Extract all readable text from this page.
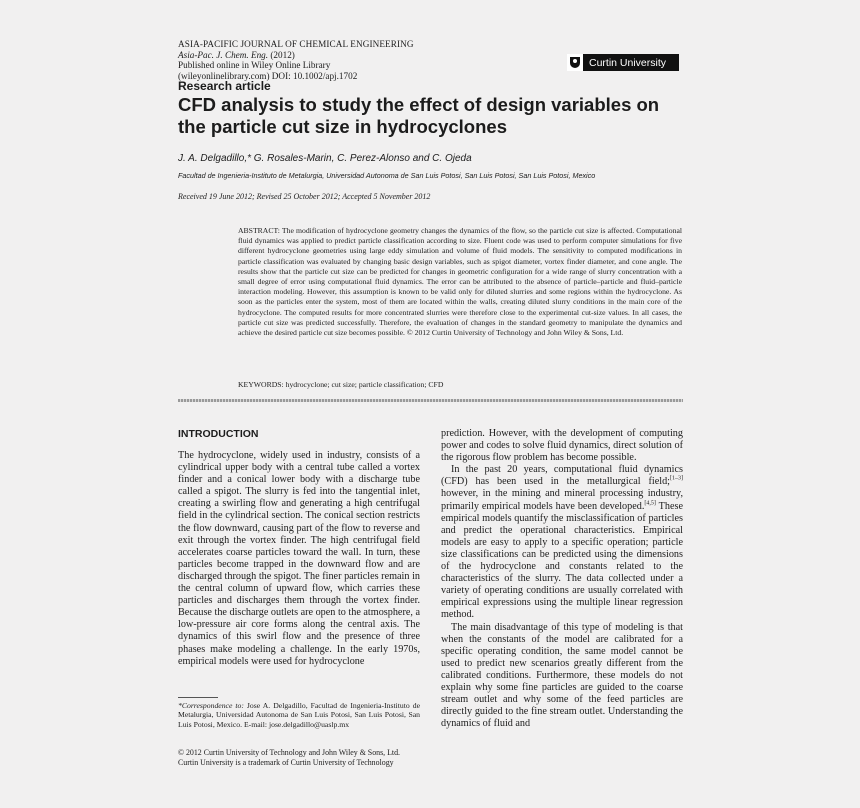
ASIA-PACIFIC JOURNAL OF CHEMICAL ENGINEERING
Asia-Pac. J. Chem. Eng. (2012)
Published online in Wiley Online Library
(wileyonlinelibrary.com) DOI: 10.1002/apj.1702
Curtin University
Research article
CFD analysis to study the effect of design variables on the particle cut size in hydrocyclones
J. A. Delgadillo,* G. Rosales-Marin, C. Perez-Alonso and C. Ojeda
Facultad de Ingenieria-Instituto de Metalurgia, Universidad Autonoma de San Luis Potosi, San Luis Potosi, San Luis Potosi, Mexico
Received 19 June 2012; Revised 25 October 2012; Accepted 5 November 2012

ABSTRACT: The modification of hydrocyclone geometry changes the dynamics of the flow, so the particle cut size is affected. Computational fluid dynamics was applied to predict particle classification according to size. Fluent code was used to perform computer simulations for five different hydrocyclone geometries using large eddy simulation and volume of fluid models. The sensitivity to computed modifications in particle classification was evaluated by changing basic design variables, such as spigot diameter, vortex finder diameter, and cone angle. The results show that the particle cut size can be predicted for changes in geometric configuration for a wide range of slurry concentration with a small degree of error using computational fluid dynamics. The error can be attributed to the absence of particle–particle and fluid–particle interaction modeling. However, this assumption is known to be valid only for diluted slurries and some regions within the hydrocyclone. As soon as the particles enter the system, most of them are located within the walls, creating diluted slurry conditions in the main core of the hydrocyclone. The computed results for more concentrated slurries were therefore close to the experimental cut-size values. In all cases, the particle cut size was predicted successfully. Therefore, the evaluation of changes in the standard geometry to manipulate the dynamics and achieve the desired particle cut size becomes possible. © 2012 Curtin University of Technology and John Wiley & Sons, Ltd.

KEYWORDS: hydrocyclone; cut size; particle classification; CFD
INTRODUCTION

The hydrocyclone, widely used in industry, consists of a cylindrical upper body with a central tube called a vortex finder and a conical lower body with a discharge tube called a spigot. The slurry is fed into the tangential inlet, creating a swirling flow and generating a high centrifugal field in the cylindrical section. The conical section restricts the flow downward, causing part of the flow to reverse and exit through the vortex finder. The high centrifugal field accelerates coarse particles toward the wall. In turn, these particles become trapped in the downward flow and are discharged through the spigot. The finer particles remain in the central column of upward flow, which carries these particles and discharges them through the vortex finder. Because the discharge outlets are open to the atmosphere, a low-pressure air core forms along the central axis. The dynamics of this swirl flow and the presence of three phases make modeling a challenge. In the early 1970s, empirical models were used for hydrocyclone

prediction. However, with the development of computing power and codes to solve fluid dynamics, direct solution of the rigorous flow problem has become possible.

In the past 20 years, computational fluid dynamics (CFD) has been used in the metallurgical field;[1–3] however, in the mining and mineral processing industry, primarily empirical models have been developed.[4,5] These empirical models quantify the misclassification of particles and predict the operational characteristics. Empirical models are easy to apply to a specific operation; particle size classifications can be predicted using the dimensions of the hydrocyclone and constants related to the characteristics of the slurry. The data collected under a variety of operating conditions are usually correlated with empirical expressions using the multiple linear regression method.

The main disadvantage of this type of modeling is that when the constants of the model are calibrated for a specific operating condition, the same model cannot be used to predict new scenarios greatly different from the calibrated conditions. Furthermore, these models do not explain why some fine particles are guided to the coarse stream outlet and why some of the feed particles are directly guided to the fine stream outlet. Understanding the dynamics of fluid and

*Correspondence to: Jose A. Delgadillo, Facultad de Ingenieria-Instituto de Metalurgia, Universidad Autonoma de San Luis Potosi, San Luis Potosi, San Luis Potosi, Mexico. E-mail: jose.delgadillo@uaslp.mx

© 2012 Curtin University of Technology and John Wiley & Sons, Ltd.
Curtin University is a trademark of Curtin University of Technology
